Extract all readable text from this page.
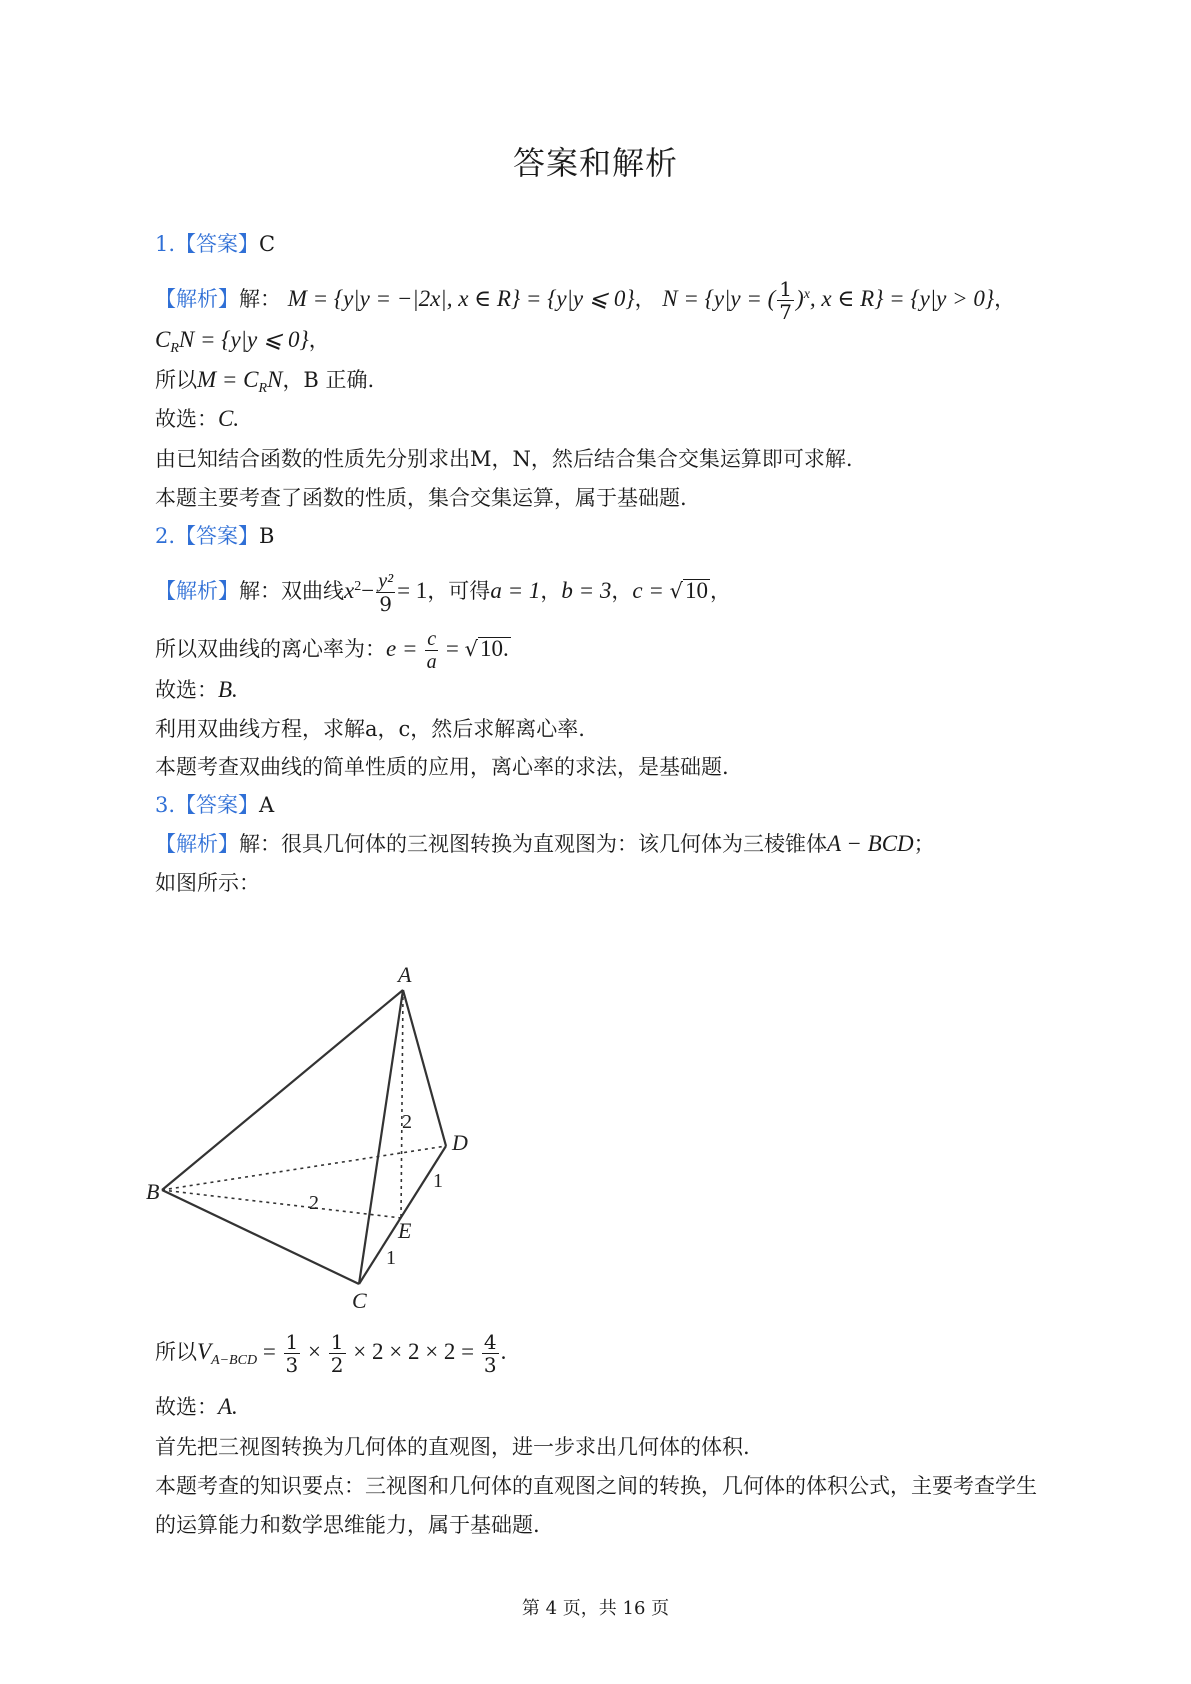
答案和解析
1.【答案】C
【解析】解： M = {y|y = −|2x|, x ∈ R} = {y|y ⩽ 0}， N = {y|y = ( $\frac{1}{7} )^x$, x ∈ R} = {y|y > 0}，
$C_RN = \{y|y$ ⩽ 0}，
所以$M = C_RN$，B 正确.
故选：C.
由已知结合函数的性质先分别求出M，N，然后结合集合交集运算即可求解.
本题主要考查了函数的性质，集合交集运算，属于基础题.
2.【答案】B
【解析】解：双曲线$x^2- \frac{\text{y²}}{9} = 1$，可得a = 1，b = 3，c = √10，
所以双曲线的离心率为：$e = \frac{c}{a} = √10$.
故选：B.
利用双曲线方程，求解a，c，然后求解离心率.
本题考查双曲线的简单性质的应用，离心率的求法，是基础题.
3.【答案】A
【解析】解：很具几何体的三视图转换为直观图为：该几何体为三棱锥体A − BCD；
如图所示：
A
B
C
D
E
2
2
1
1
所以$V_{A-BCD} = \frac{1}{3} \times \frac{1}{2} \times 2 \times 2 \times 2 = \frac{4}{3}$ .
故选：A.
首先把三视图转换为几何体的直观图，进一步求出几何体的体积.
本题考查的知识要点：三视图和几何体的直观图之间的转换，几何体的体积公式，主要考查学生
的运算能力和数学思维能力，属于基础题.
第 4 页，共 16 页
